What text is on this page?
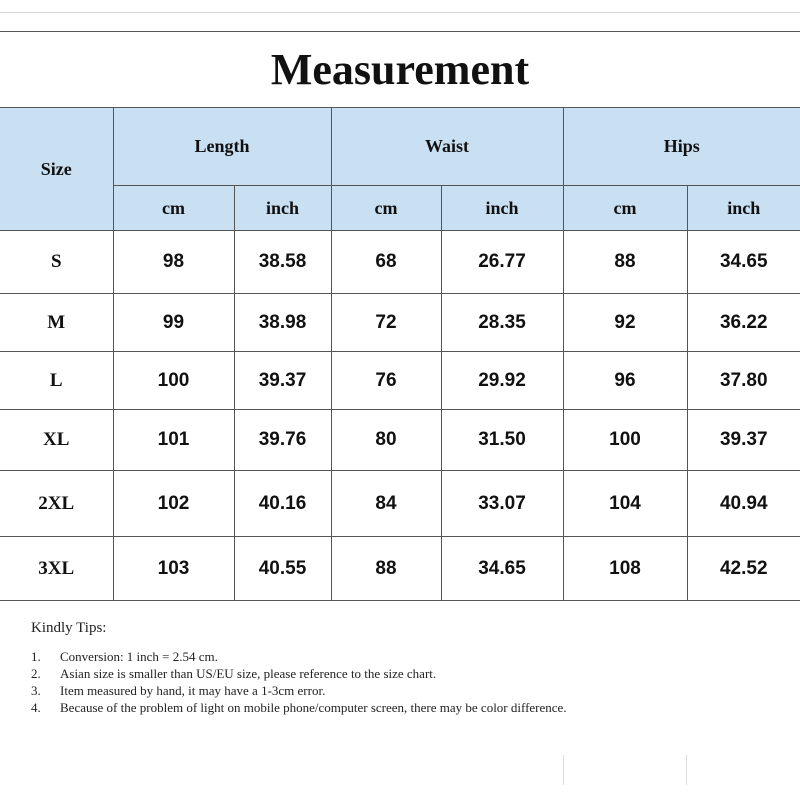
Measurement						
Size	Length		Waist		Hips	
	cm	inch	cm	inch	cm	inch
S	98	38.58	68	26.77	88	34.65
M	99	38.98	72	28.35	92	36.22
L	100	39.37	76	29.92	96	37.80
XL	101	39.76	80	31.50	100	39.37
2XL	102	40.16	84	33.07	104	40.94
3XL	103	40.55	88	34.65	108	42.52
Kindly Tips:
1.	Conversion: 1 inch = 2.54 cm.
2.	Asian size is smaller than US/EU size, please reference to the size chart.
3.	Item measured by hand, it may have a 1-3cm error.
4.	Because of the problem of light on mobile phone/computer screen, there may be color difference.
